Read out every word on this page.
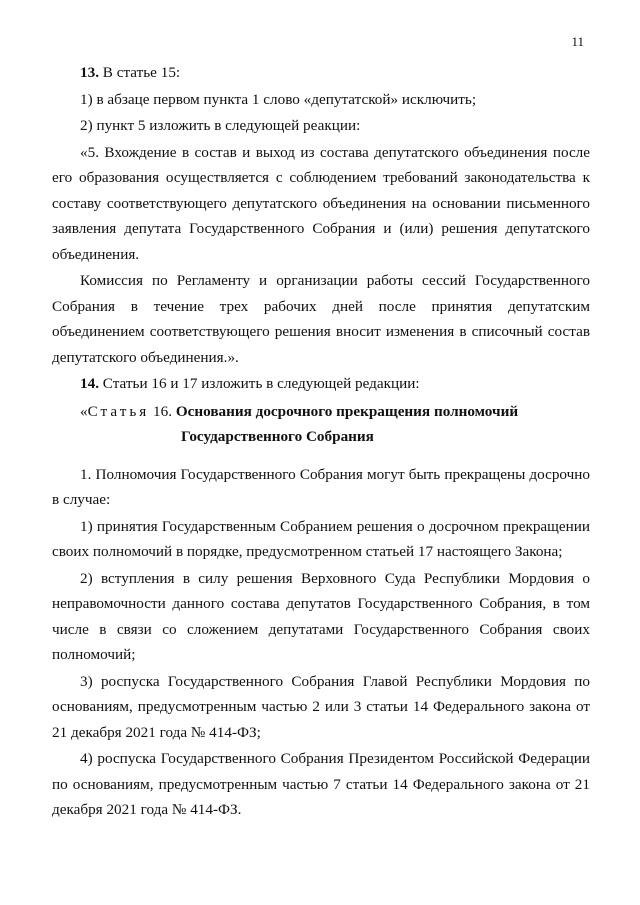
11

13. В статье 15:

1) в абзаце первом пункта 1 слово «депутатской» исключить;

2) пункт 5 изложить в следующей реакции:

«5. Вхождение в состав и выход из состава депутатского объединения после его образования осуществляется с соблюдением требований законодательства к составу соответствующего депутатского объединения на основании письменного заявления депутата Государственного Собрания и (или) решения депутатского объединения.

Комиссия по Регламенту и организации работы сессий Государственного Собрания в течение трех рабочих дней после принятия депутатским объединением соответствующего решения вносит изменения в списочный состав депутатского объединения.».

14. Статьи 16 и 17 изложить в следующей редакции:

«Статья 16. Основания досрочного прекращения полномочий
Государственного Собрания

1. Полномочия Государственного Собрания могут быть прекращены досрочно в случае:

1) принятия Государственным Собранием решения о досрочном прекращении своих полномочий в порядке, предусмотренном статьей 17 настоящего Закона;

2) вступления в силу решения Верховного Суда Республики Мордовия о неправомочности данного состава депутатов Государственного Собрания, в том числе в связи со сложением депутатами Государственного Собрания своих полномочий;

3) роспуска Государственного Собрания Главой Республики Мордовия по основаниям, предусмотренным частью 2 или 3 статьи 14 Федерального закона от 21 декабря 2021 года № 414-ФЗ;

4) роспуска Государственного Собрания Президентом Российской Федерации по основаниям, предусмотренным частью 7 статьи 14 Федерального закона от 21 декабря 2021 года № 414-ФЗ.
